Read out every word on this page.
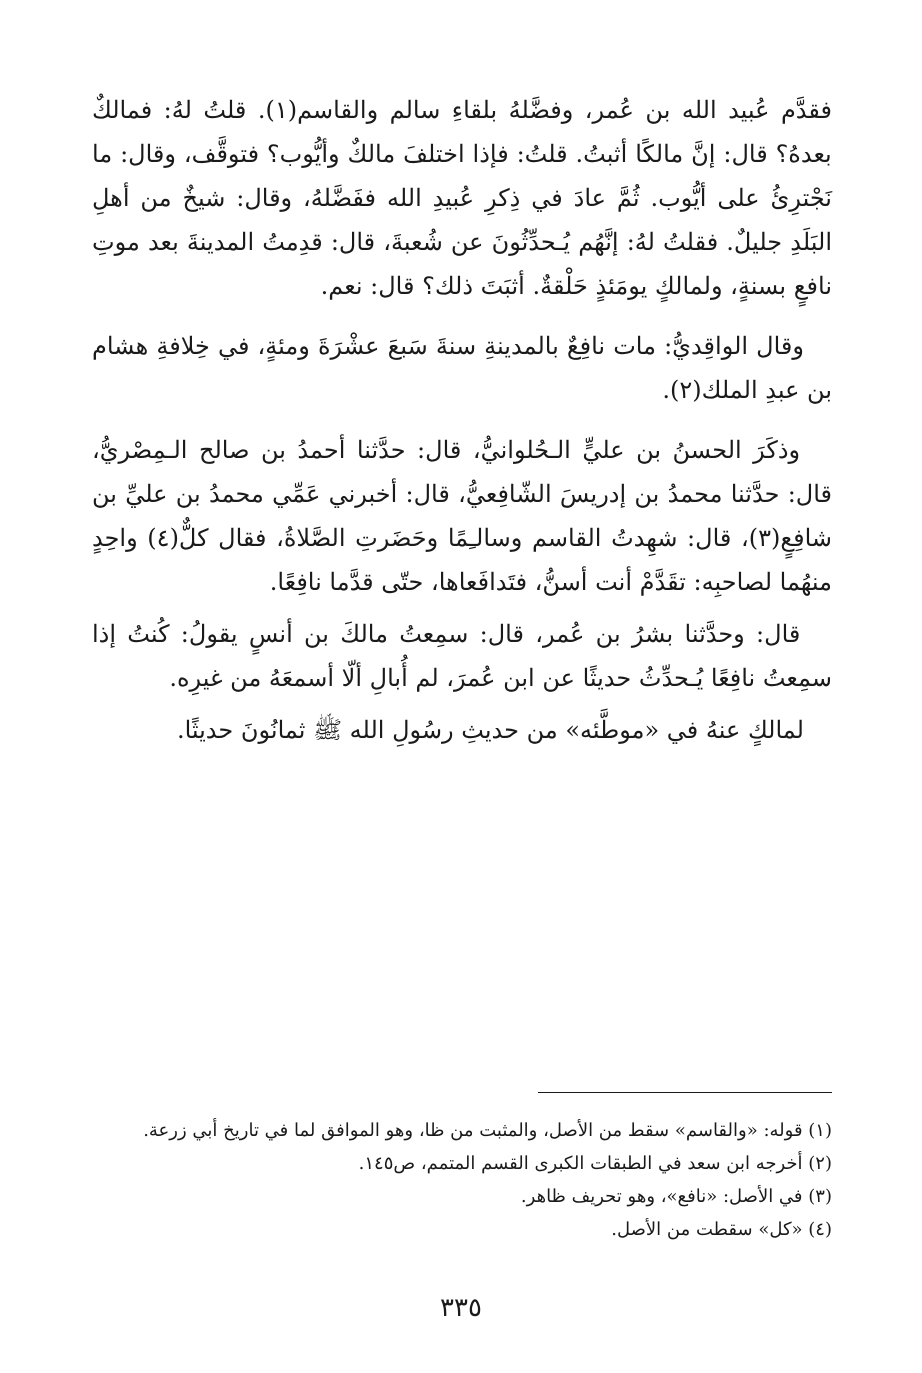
فقدَّم عُبيد الله بن عُمر، وفضَّلهُ بلقاءِ سالم والقاسم(١). قلتُ لهُ: فمالكٌ بعدهُ؟ قال: إنَّ مالكًا أثبتُ. قلتُ: فإذا اختلفَ مالكٌ وأيُّوب؟ فتوقَّف، وقال: ما نَجْترِئُ على أيُّوب. ثُمَّ عادَ في ذِكرِ عُبيدِ الله ففَضَّلهُ، وقال: شيخٌ من أهلِ البَلَدِ جليلٌ. فقلتُ لهُ: إنَّهُم يُـحدِّثُونَ عن شُعبةَ، قال: قدِمتُ المدينةَ بعد موتِ نافعٍ بسنةٍ، ولمالكٍ يومَئذٍ حَلْقةٌ. أثبَتَ ذلك؟ قال: نعم.

وقال الواقِديُّ: مات نافِعٌ بالمدينةِ سنةَ سَبعَ عشْرَةَ ومئةٍ، في خِلافةِ هشام بن عبدِ الملك(٢).

وذكَرَ الحسنُ بن عليٍّ الـحُلوانيُّ، قال: حدَّثنا أحمدُ بن صالح الـمِصْريُّ، قال: حدَّثنا محمدُ بن إدريسَ الشّافِعيُّ، قال: أخبرني عَمِّي محمدُ بن عليِّ بن شافِعٍ(٣)، قال: شهِدتُ القاسم وسالـِمًا وحَضَرتِ الصَّلاةُ، فقال كلٌّ(٤) واحِدٍ منهُما لصاحبِه: تقَدَّمْ أنت أسنُّ، فتَدافَعاها، حتّى قدَّما نافِعًا.

قال: وحدَّثنا بشرُ بن عُمر، قال: سمِعتُ مالكَ بن أنسٍ يقولُ: كُنتُ إذا سمِعتُ نافِعًا يُـحدِّثُ حديثًا عن ابن عُمرَ، لم أُبالِ ألّا أسمعَهُ من غيرِه.

لمالكٍ عنهُ في «موطَّئه» من حديثِ رسُولِ الله ﷺ ثمانُونَ حديثًا.

(١) قوله: «والقاسم» سقط من الأصل، والمثبت من ظا، وهو الموافق لما في تاريخ أبي زرعة.
(٢) أخرجه ابن سعد في الطبقات الكبرى القسم المتمم، ص١٤٥.
(٣) في الأصل: «نافع»، وهو تحريف ظاهر.
(٤) «كل» سقطت من الأصل.
٣٣٥
